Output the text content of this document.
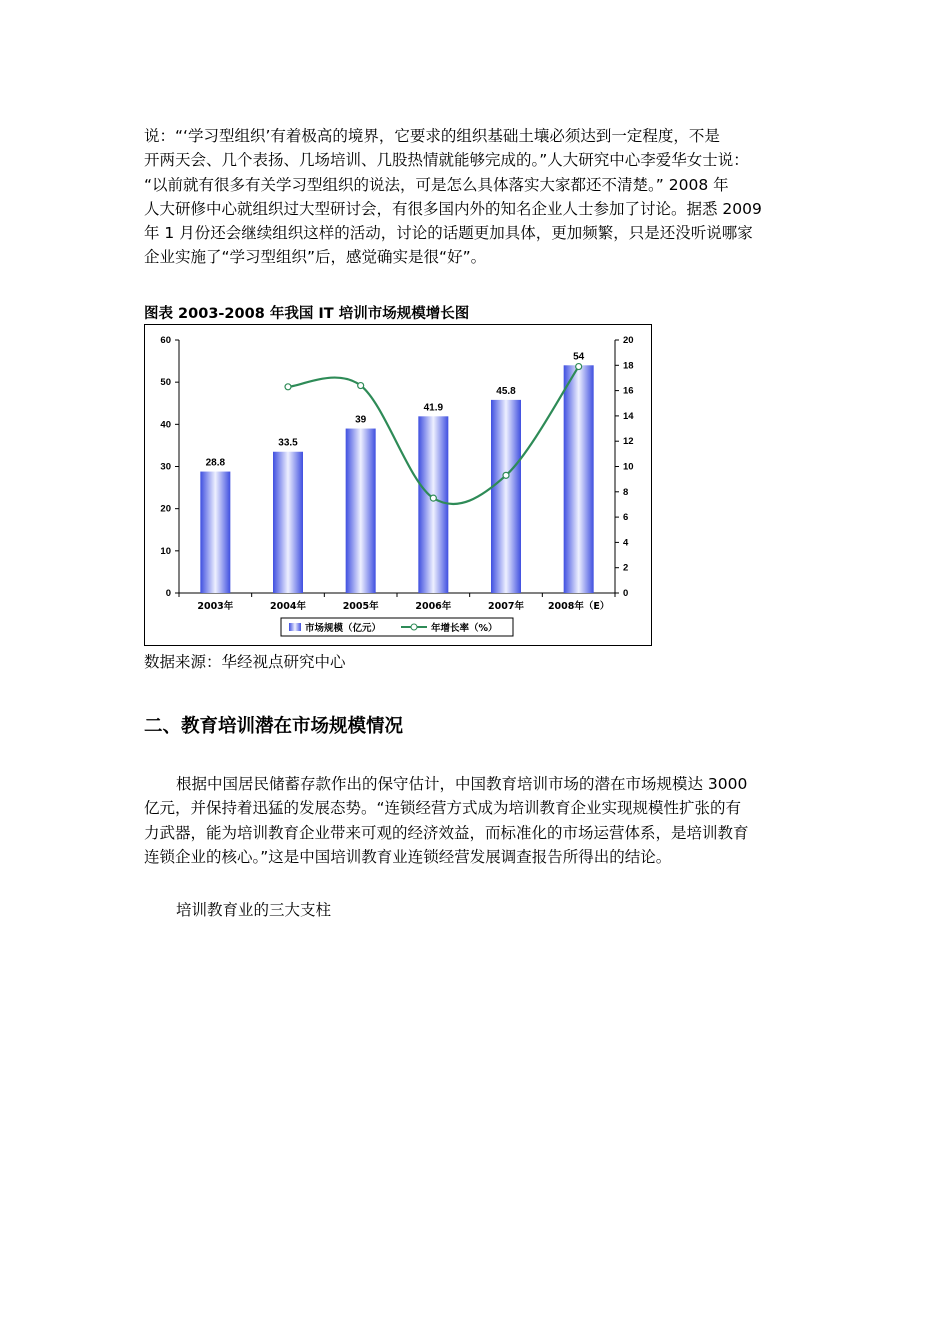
说：“‘学习型组织’有着极高的境界，它要求的组织基础土壤必须达到一定程度，不是
开两天会、几个表扬、几场培训、几股热情就能够完成的。”人大研究中心李爱华女士说：
“以前就有很多有关学习型组织的说法，可是怎么具体落实大家都还不清楚。” 2008 年
人大研修中心就组织过大型研讨会，有很多国内外的知名企业人士参加了讨论。据悉 2009
年 1 月份还会继续组织这样的活动，讨论的话题更加具体，更加频繁，只是还没听说哪家
企业实施了“学习型组织”后，感觉确实是很“好”。
图表 2003-2008 年我国 IT 培训市场规模增长图
0
10
20
30
40
50
60
0
2
4
6
8
10
12
14
16
18
20
2003年	2004年	2005年	2006年	2007年	2008年（E）
28.8
33.5
39
41.9
45.8
54
市场规模（亿元）	年增长率（%）
数据来源：华经视点研究中心
二、教育培训潜在市场规模情况
根据中国居民储蓄存款作出的保守估计，中国教育培训市场的潜在市场规模达 3000
亿元，并保持着迅猛的发展态势。“连锁经营方式成为培训教育企业实现规模性扩张的有
力武器，能为培训教育企业带来可观的经济效益，而标准化的市场运营体系，是培训教育
连锁企业的核心。”这是中国培训教育业连锁经营发展调查报告所得出的结论。
培训教育业的三大支柱
